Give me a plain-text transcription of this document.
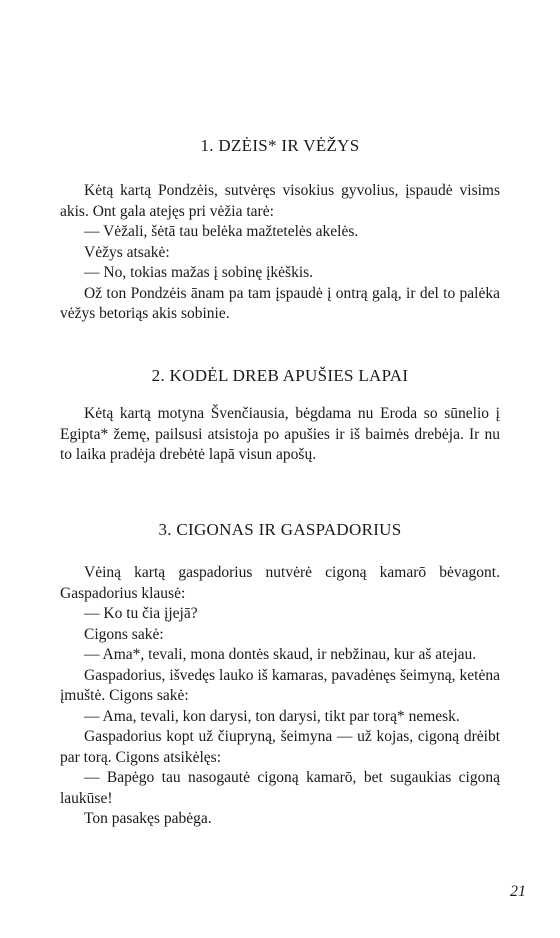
1. DZĖIS* IR VĖŽYS

Kėtą kartą Pondzėis, sutvėręs visokius gyvolius, įspaudė visims akis. Ont gala atejęs pri vėžia tarė:

— Vėžali, šėtā tau belėka mažtetelės akelės.

Vėžys atsakė:

— No, tokias mažas į sobinę įkėškis.

Ož ton Pondzėis ānam pa tam įspaudė į ontrą galą, ir del to palėka vėžys betoriąs akis sobinie.

2. KODĖL DREB APUŠIES LAPAI

Kėtą kartą motyna Švenčiausia, bėgdama nu Eroda so sūnelio į Egipta* žemę, pailsusi atsistoja po apušies ir iš baimės drebėja. Ir nu to laika pradėja drebėtė lapā visun apošų.

3. CIGONAS IR GASPADORIUS

Vėiną kartą gaspadorius nutvėrė cigoną kamarō bėvagont. Gaspadorius klausė:

— Ko tu čia įjejā?

Cigons sakė:

— Ama*, tevali, mona dontės skaud, ir nebžinau, kur aš atejau.

Gaspadorius, išvedęs lauko iš kamaras, pavadėnęs šeimyną, ketėna įmuštė. Cigons sakė:

— Ama, tevali, kon darysi, ton darysi, tikt par torą* nemesk.

Gaspadorius kopt už čiupryną, šeimyna — už kojas, cigoną drėibt par torą. Cigons atsikėlęs:

— Bapėgo tau nasogautė cigoną kamarō, bet sugaukias cigoną laukūse!

Ton pasakęs pabėga.

21
